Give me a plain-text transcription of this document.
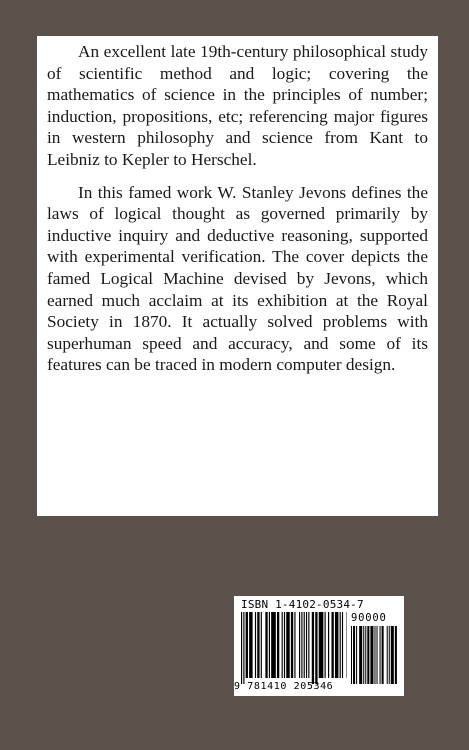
An excellent late 19th-century philosophical study of scientific method and logic; covering the mathematics of science in the principles of number; induction, propositions, etc; referencing major figures in western philosophy and science from Kant to Leibniz to Kepler to Herschel.

In this famed work W. Stanley Jevons defines the laws of logical thought as governed primarily by inductive inquiry and deductive reasoning, supported with experimental verification. The cover depicts the famed Logical Machine devised by Jevons, which earned much acclaim at its exhibition at the Royal Society in 1870. It actually solved problems with superhuman speed and accuracy, and some of its features can be traced in modern computer design.

ISBN 1-4102-0534-7
90000
9 781410 205346
